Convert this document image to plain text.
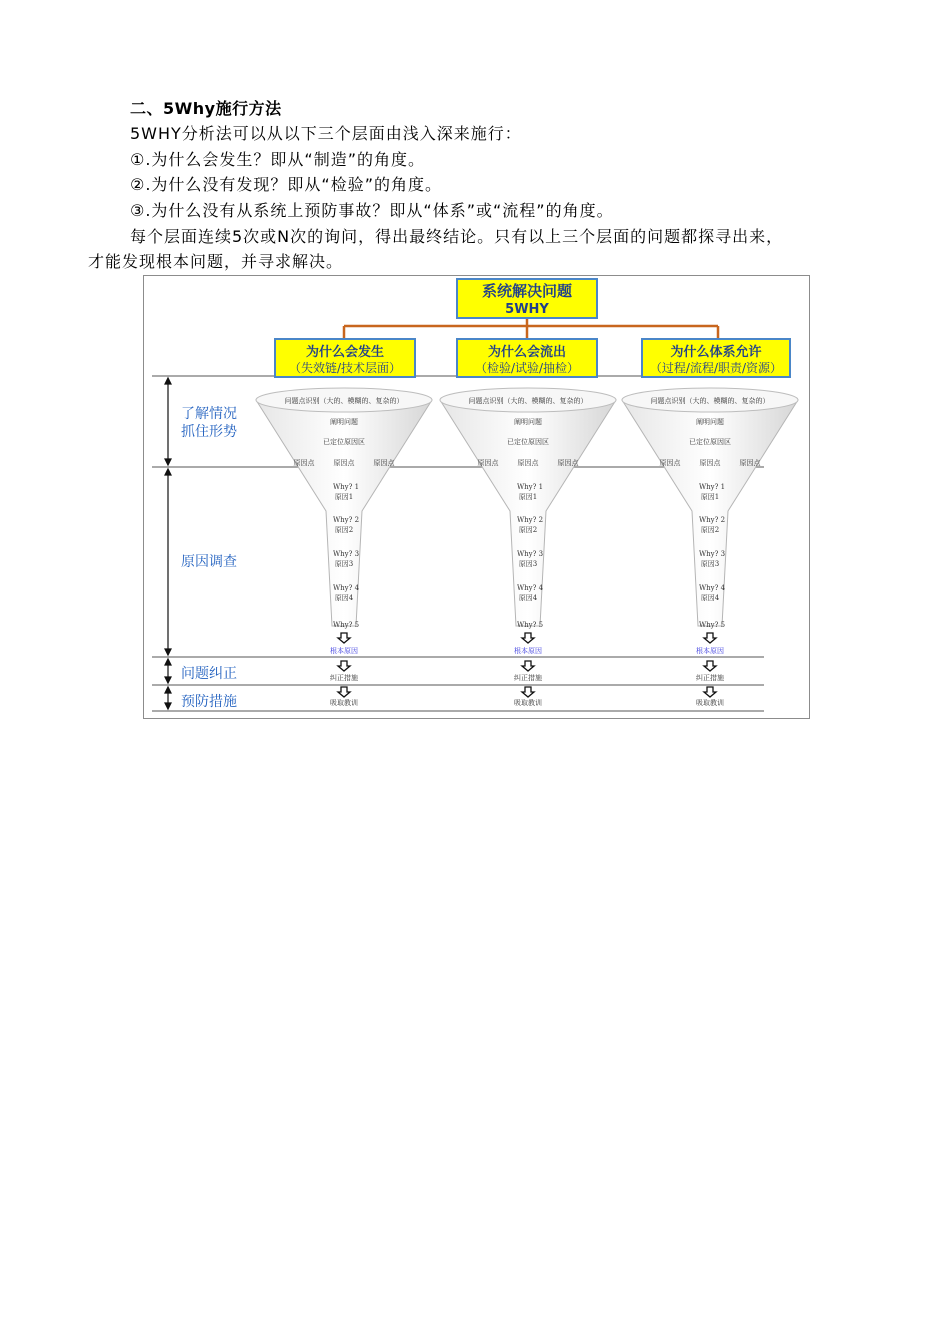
二、5Why施行方法
5WHY分析法可以从以下三个层面由浅入深来施行：
①.为什么会发生？即从“制造”的角度。
②.为什么没有发现？即从“检验”的角度。
③.为什么没有从系统上预防事故？即从“体系”或“流程”的角度。
每个层面连续5次或N次的询问，得出最终结论。只有以上三个层面的问题都探寻出来，
才能发现根本问题，并寻求解决。
了解情况
抓住形势
原因调查
问题纠正
预防措施
系统解决问题
5WHY
为什么会发生
（失效链/技术层面）
为什么会流出
（检验/试验/抽检）
为什么体系允许
（过程/流程/职责/资源）
问题点识别（大的、模糊的、复杂的）
阐明问题
已定位原因区
原因点	原因点	原因点
Why? 1
原因1
Why? 2
原因2
Why? 3
原因3
Why? 4
原因4
Why? 5
根本原因
纠正措施
吸取教训
问题点识别（大的、模糊的、复杂的）
阐明问题
已定位原因区
原因点	原因点	原因点
Why? 1
原因1
Why? 2
原因2
Why? 3
原因3
Why? 4
原因4
Why? 5
根本原因
纠正措施
吸取教训
问题点识别（大的、模糊的、复杂的）
阐明问题
已定位原因区
原因点	原因点	原因点
Why? 1
原因1
Why? 2
原因2
Why? 3
原因3
Why? 4
原因4
Why? 5
根本原因
纠正措施
吸取教训
